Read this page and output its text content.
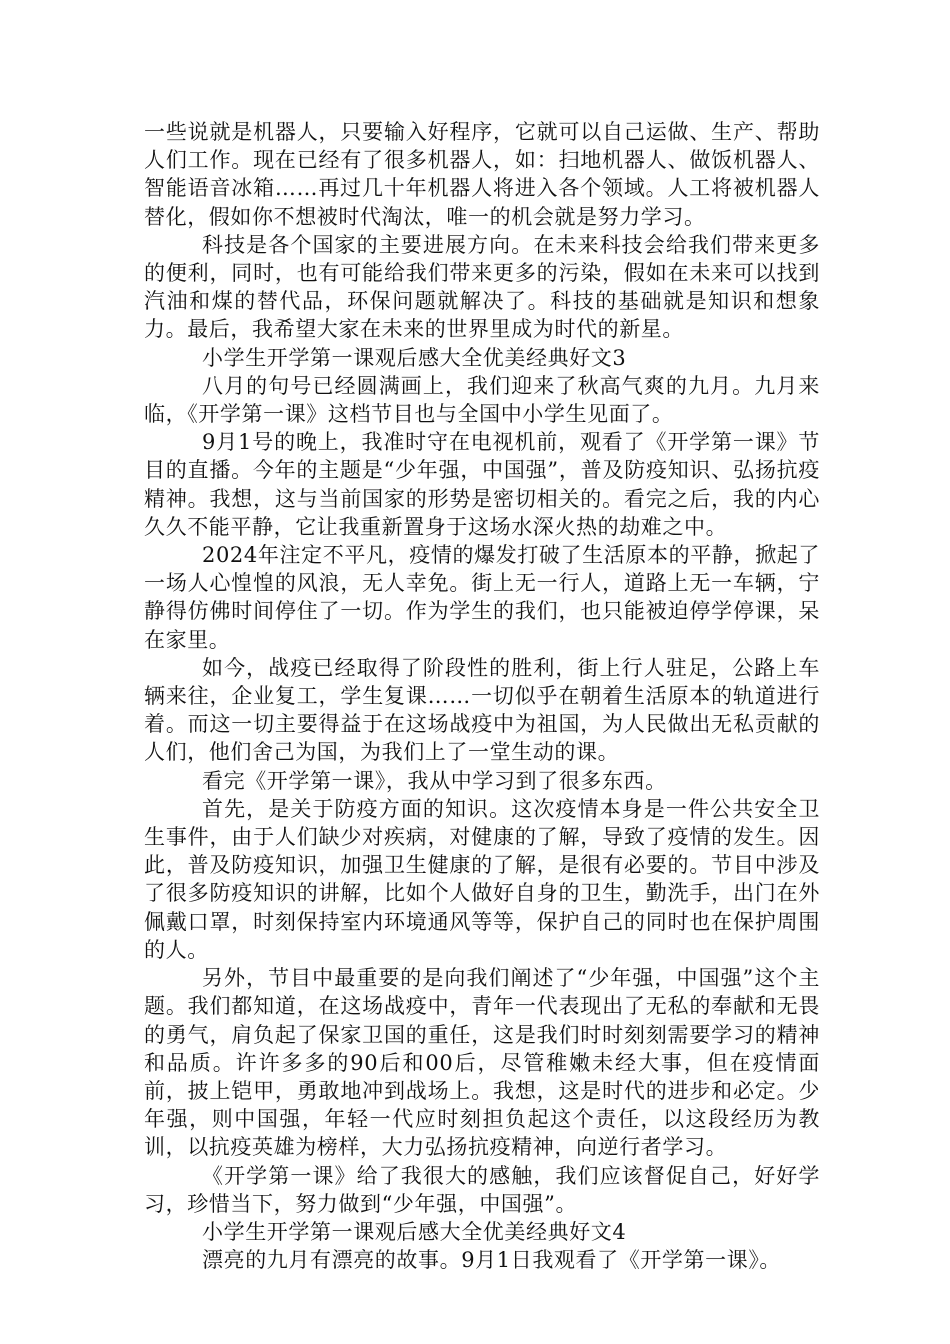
一些说就是机器人，只要输入好程序，它就可以自己运做、生产、帮助人们工作。现在已经有了很多机器人，如：扫地机器人、做饭机器人、智能语音冰箱……再过几十年机器人将进入各个领域。人工将被机器人替化，假如你不想被时代淘汰，唯一的机会就是努力学习。

科技是各个国家的主要进展方向。在未来科技会给我们带来更多的便利，同时，也有可能给我们带来更多的污染，假如在未来可以找到汽油和煤的替代品，环保问题就解决了。科技的基础就是知识和想象力。最后，我希望大家在未来的世界里成为时代的新星。

小学生开学第一课观后感大全优美经典好文3

八月的句号已经圆满画上，我们迎来了秋高气爽的九月。九月来临，《开学第一课》这档节目也与全国中小学生见面了。

9月1号的晚上，我准时守在电视机前，观看了《开学第一课》节目的直播。今年的主题是“少年强，中国强”，普及防疫知识、弘扬抗疫精神。我想，这与当前国家的形势是密切相关的。看完之后，我的内心久久不能平静，它让我重新置身于这场水深火热的劫难之中。

2024年注定不平凡，疫情的爆发打破了生活原本的平静，掀起了一场人心惶惶的风浪，无人幸免。街上无一行人，道路上无一车辆，宁静得仿佛时间停住了一切。作为学生的我们，也只能被迫停学停课，呆在家里。

如今，战疫已经取得了阶段性的胜利，街上行人驻足，公路上车辆来往，企业复工，学生复课……一切似乎在朝着生活原本的轨道进行着。而这一切主要得益于在这场战疫中为祖国，为人民做出无私贡献的人们，他们舍己为国，为我们上了一堂生动的课。

看完《开学第一课》，我从中学习到了很多东西。

首先，是关于防疫方面的知识。这次疫情本身是一件公共安全卫生事件，由于人们缺少对疾病，对健康的了解，导致了疫情的发生。因此，普及防疫知识，加强卫生健康的了解，是很有必要的。节目中涉及了很多防疫知识的讲解，比如个人做好自身的卫生，勤洗手，出门在外佩戴口罩，时刻保持室内环境通风等等，保护自己的同时也在保护周围的人。

另外，节目中最重要的是向我们阐述了“少年强，中国强”这个主题。我们都知道，在这场战疫中，青年一代表现出了无私的奉献和无畏的勇气，肩负起了保家卫国的重任，这是我们时时刻刻需要学习的精神和品质。许许多多的90后和00后，尽管稚嫩未经大事，但在疫情面前，披上铠甲，勇敢地冲到战场上。我想，这是时代的进步和必定。少年强，则中国强，年轻一代应时刻担负起这个责任，以这段经历为教训，以抗疫英雄为榜样，大力弘扬抗疫精神，向逆行者学习。

《开学第一课》给了我很大的感触，我们应该督促自己，好好学习，珍惜当下，努力做到“少年强，中国强”。

小学生开学第一课观后感大全优美经典好文4

漂亮的九月有漂亮的故事。9月1日我观看了《开学第一课》。
